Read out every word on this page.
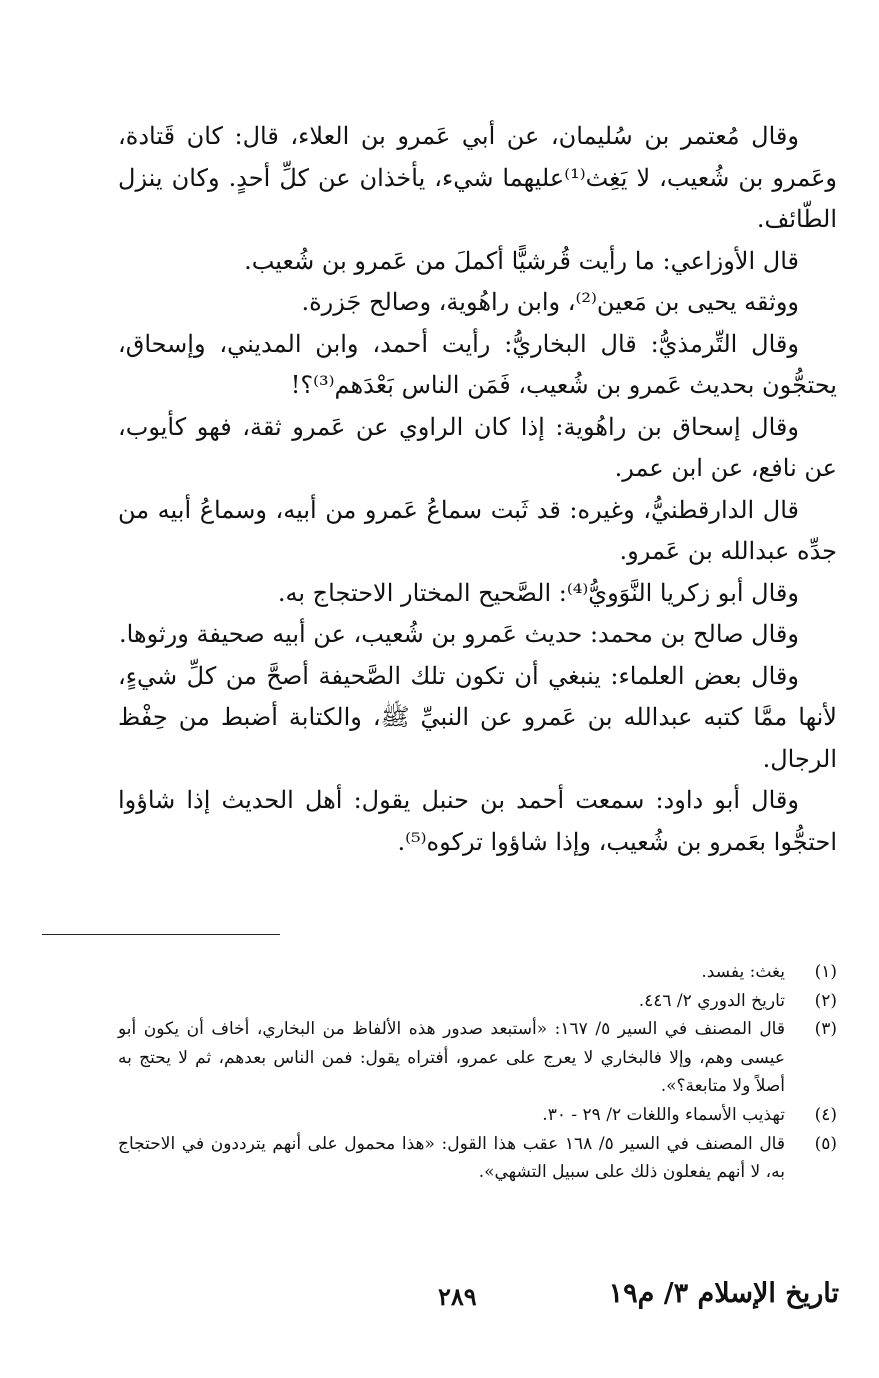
وقال مُعتمر بن سُليمان، عن أبي عَمرو بن العلاء، قال: كان قَتادة، وعَمرو بن شُعيب، لا يَغِث⁽¹⁾عليهما شيء، يأخذان عن كلِّ أحدٍ. وكان ينزل الطّائف.

قال الأوزاعي: ما رأيت قُرشيًّا أكملَ من عَمرو بن شُعيب.

ووثقه يحيى بن مَعين⁽²⁾، وابن راهُوية، وصالح جَزرة.

وقال التِّرمذيُّ: قال البخاريُّ: رأيت أحمد، وابن المديني، وإسحاق، يحتجُّون بحديث عَمرو بن شُعيب، فَمَن الناس بَعْدَهم⁽³⁾؟!

وقال إسحاق بن راهُوية: إذا كان الراوي عن عَمرو ثقة، فهو كأيوب، عن نافع، عن ابن عمر.

قال الدارقطنيُّ، وغيره: قد ثَبت سماعُ عَمرو من أبيه، وسماعُ أبيه من جدِّه عبدالله بن عَمرو.

وقال أبو زكريا النَّوَويُّ⁽⁴⁾: الصَّحيح المختار الاحتجاج به.

وقال صالح بن محمد: حديث عَمرو بن شُعيب، عن أبيه صحيفة ورثوها.

وقال بعض العلماء: ينبغي أن تكون تلك الصَّحيفة أصحَّ من كلِّ شيءٍ، لأنها ممَّا كتبه عبدالله بن عَمرو عن النبيِّ ﷺ، والكتابة أضبط من حِفْظ الرجال.

وقال أبو داود: سمعت أحمد بن حنبل يقول: أهل الحديث إذا شاؤوا احتجُّوا بعَمرو بن شُعيب، وإذا شاؤوا تركوه⁽⁵⁾.

(١)
يغث: يفسد.
(٢)
تاريخ الدوري ٢/ ٤٤٦.
(٣)
قال المصنف في السير ٥/ ١٦٧: «أستبعد صدور هذه الألفاظ من البخاري، أخاف أن يكون أبو عيسى وهم، وإلا فالبخاري لا يعرج على عمرو، أفتراه يقول: فمن الناس بعدهم، ثم لا يحتج به أصلاً ولا متابعة؟».
(٤)
تهذيب الأسماء واللغات ٢/ ٢٩ - ٣٠.
(٥)
قال المصنف في السير ٥/ ١٦٨ عقب هذا القول: «هذا محمول على أنهم يترددون في الاحتجاج به، لا أنهم يفعلون ذلك على سبيل التشهي».
تاريخ الإسلام ٣/ م١٩
٢٨٩
